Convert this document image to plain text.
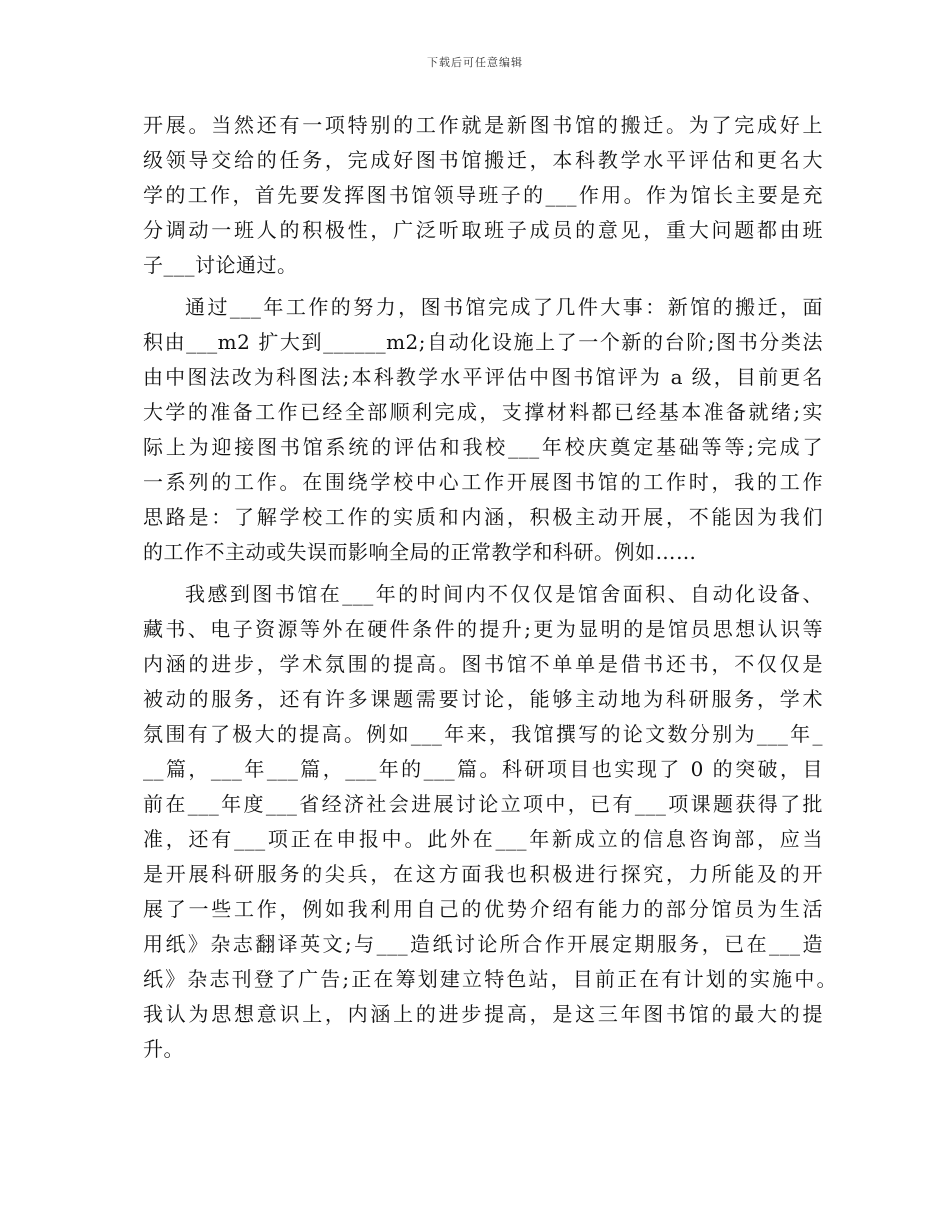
下载后可任意编辑
开展。当然还有一项特别的工作就是新图书馆的搬迁。为了完成好上
级领导交给的任务，完成好图书馆搬迁，本科教学水平评估和更名大
学的工作，首先要发挥图书馆领导班子的___作用。作为馆长主要是充
分调动一班人的积极性，广泛听取班子成员的意见，重大问题都由班
子___讨论通过。
通过___年工作的努力，图书馆完成了几件大事：新馆的搬迁，面
积由___m2 扩大到______m2;自动化设施上了一个新的台阶;图书分类法
由中图法改为科图法;本科教学水平评估中图书馆评为 a 级，目前更名
大学的准备工作已经全部顺利完成，支撑材料都已经基本准备就绪;实
际上为迎接图书馆系统的评估和我校___年校庆奠定基础等等;完成了
一系列的工作。在围绕学校中心工作开展图书馆的工作时，我的工作
思路是：了解学校工作的实质和内涵，积极主动开展，不能因为我们
的工作不主动或失误而影响全局的正常教学和科研。例如……
我感到图书馆在___年的时间内不仅仅是馆舍面积、自动化设备、
藏书、电子资源等外在硬件条件的提升;更为显明的是馆员思想认识等
内涵的进步，学术氛围的提高。图书馆不单单是借书还书，不仅仅是
被动的服务，还有许多课题需要讨论，能够主动地为科研服务，学术
氛围有了极大的提高。例如___年来，我馆撰写的论文数分别为___年_
__篇，___年___篇，___年的___篇。科研项目也实现了 0 的突破，目
前在___年度___省经济社会进展讨论立项中，已有___项课题获得了批
准，还有___项正在申报中。此外在___年新成立的信息咨询部，应当
是开展科研服务的尖兵，在这方面我也积极进行探究，力所能及的开
展了一些工作，例如我利用自己的优势介绍有能力的部分馆员为生活
用纸》杂志翻译英文;与___造纸讨论所合作开展定期服务，已在___造
纸》杂志刊登了广告;正在筹划建立特色站，目前正在有计划的实施中。
我认为思想意识上，内涵上的进步提高，是这三年图书馆的最大的提
升。
